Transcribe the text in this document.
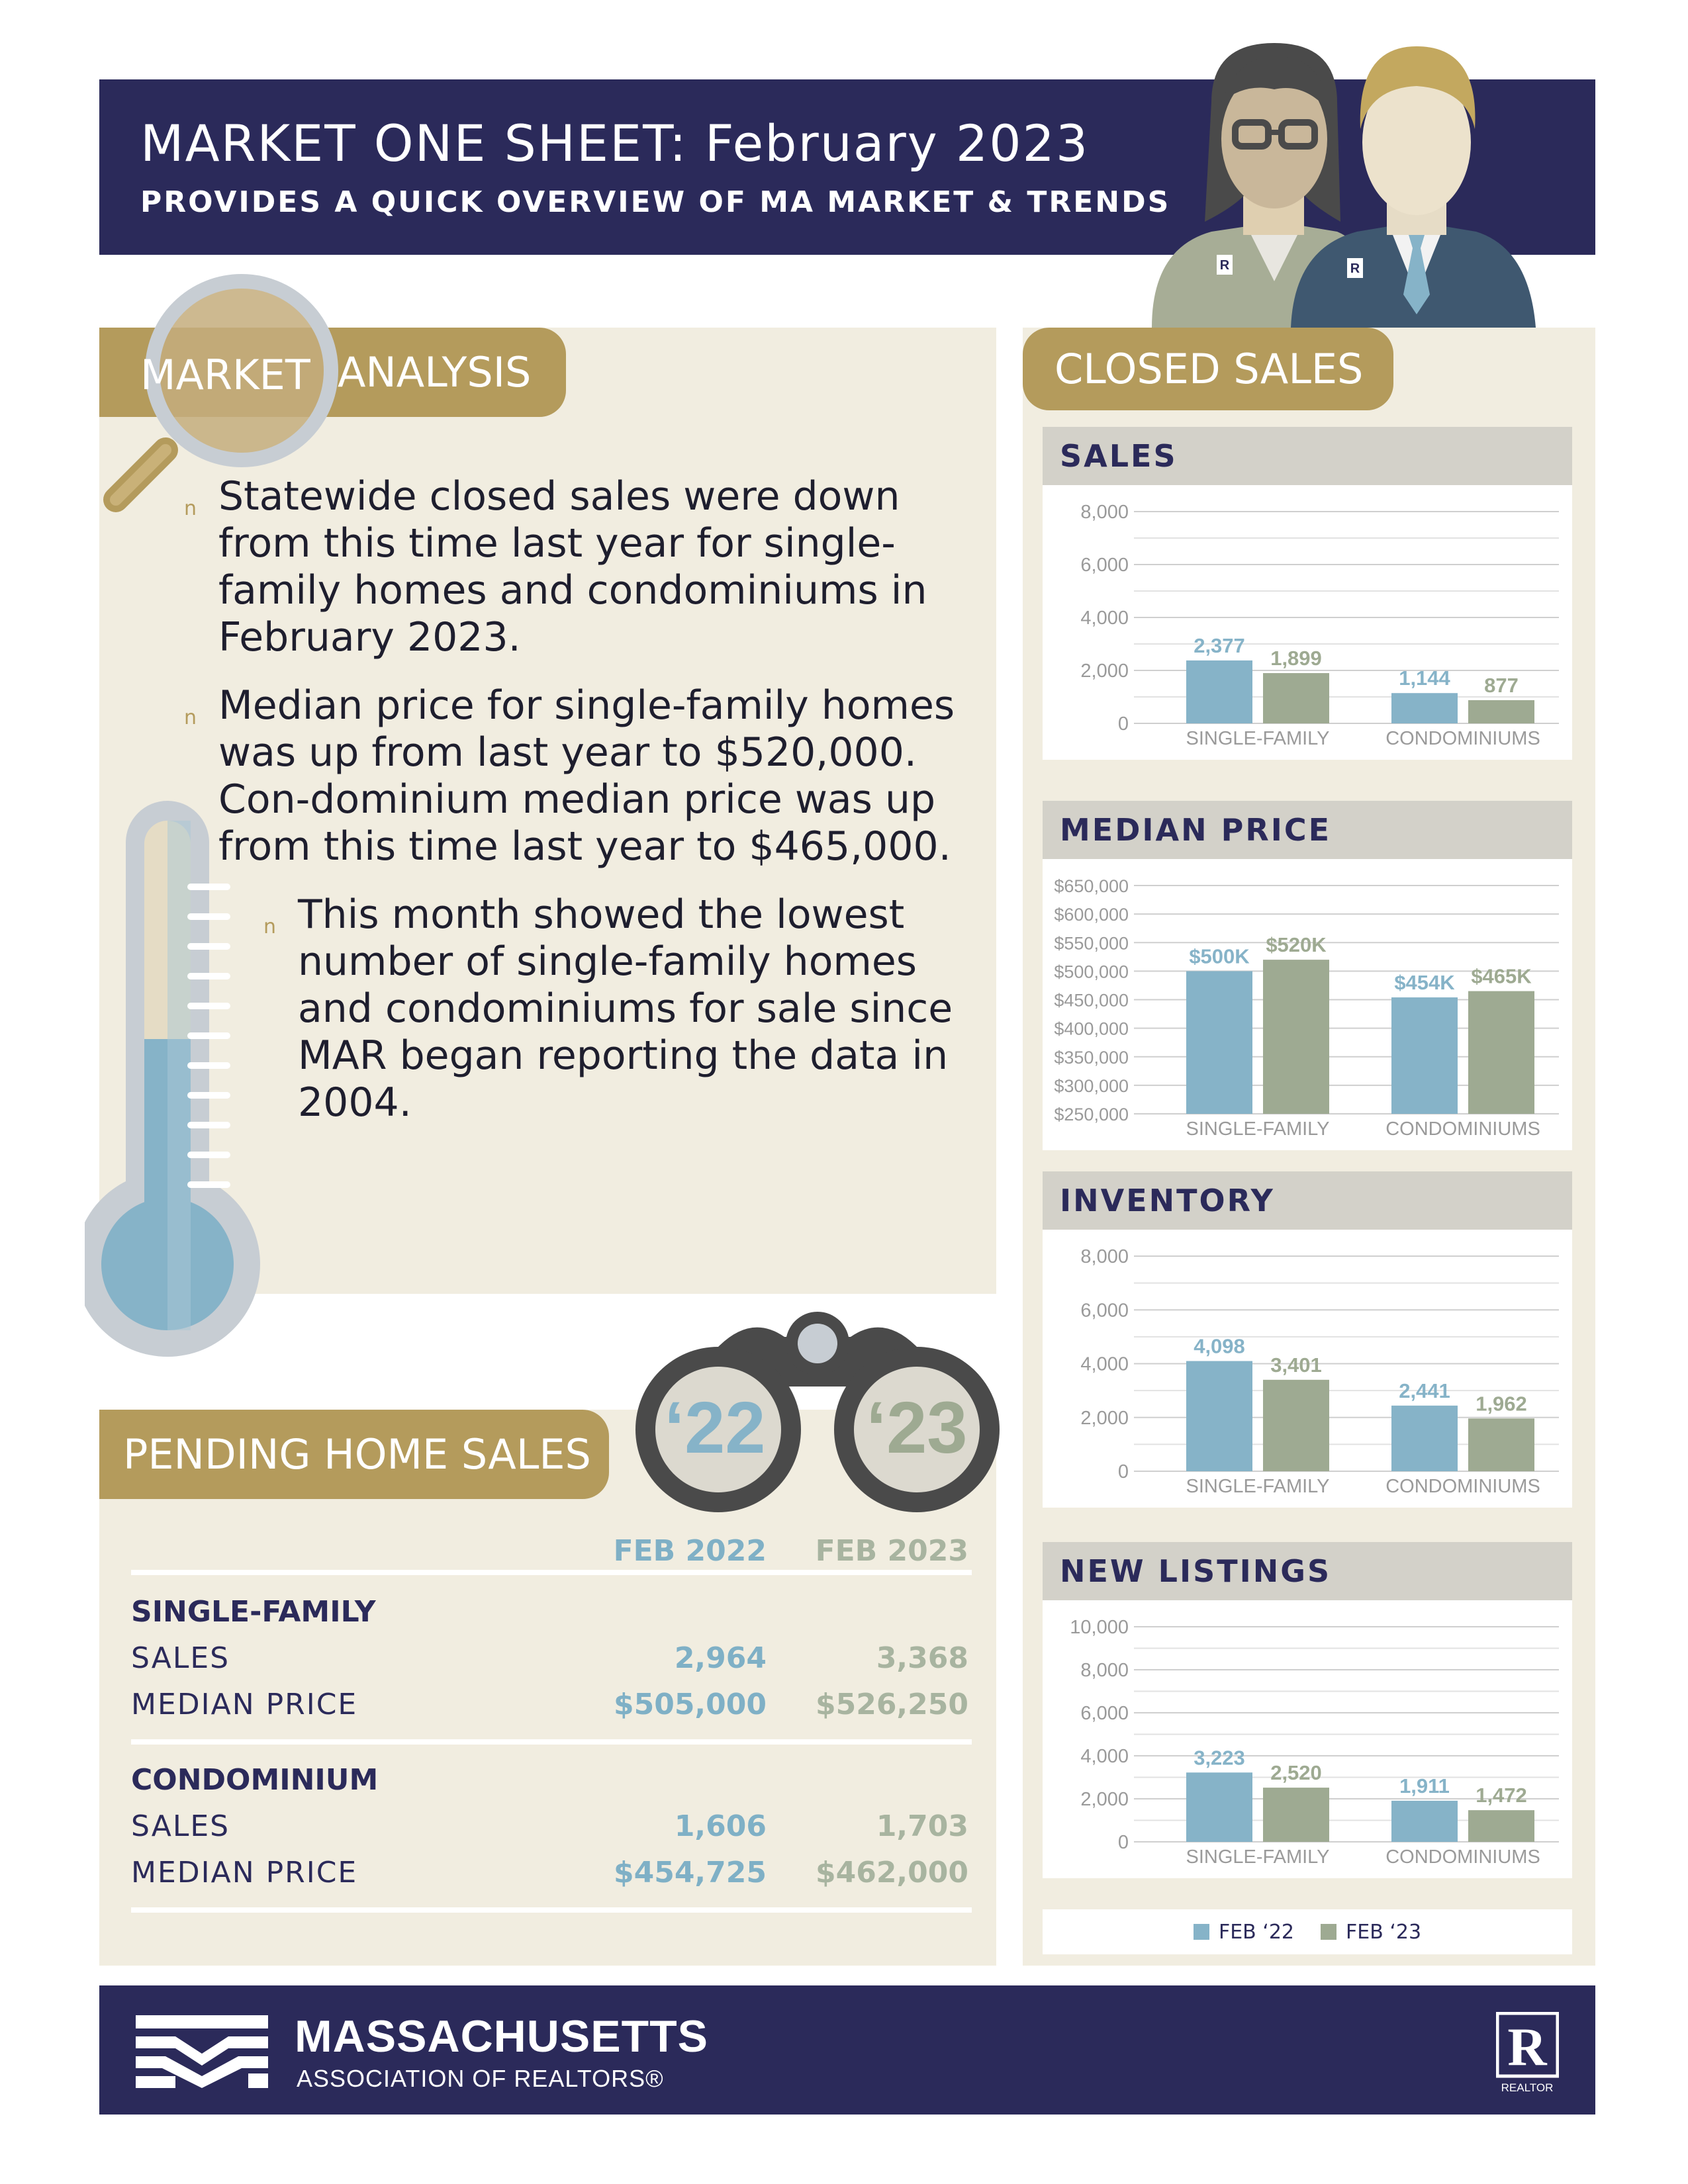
MARKET ONE SHEET: February 2023
PROVIDES A QUICK OVERVIEW OF MA MARKET & TRENDS
R	R
ANALYSIS
MARKET
n Statewide closed sales were down from this time last year for single-family homes and condominiums in February 2023.
n Median price for single-family homes was up from last year to $520,000. Con-dominium median price was up from this time last year to $465,000.
n This month showed the lowest number of single-family homes and condominiums for sale since MAR began reporting the data in 2004.
PENDING HOME SALES ‘22 ‘23
FEB 2022	FEB 2023
SINGLE-FAMILY
SALES	2,964	3,368
MEDIAN PRICE	$505,000	$526,250
CONDOMINIUM
SALES	1,606	1,703
MEDIAN PRICE	$454,725	$462,000
CLOSED SALES
SALES
0
2,000
4,000
6,000
8,000
2,377
1,899
SINGLE-FAMILY
1,144 877
CONDOMINIUMS
MEDIAN PRICE
$250,000
$300,000
$350,000
$400,000
$450,000
$500,000
$550,000
$600,000
$650,000
$500K $520K
SINGLE-FAMILY
$454K $465K
CONDOMINIUMS
INVENTORY
0
2,000
4,000
6,000
8,000
4,098
3,401
SINGLE-FAMILY
2,441
1,962
CONDOMINIUMS
NEW LISTINGS
0
2,000
4,000
6,000
8,000
10,000
3,223
2,520
SINGLE-FAMILY
1,911 1,472
CONDOMINIUMS
FEB ‘22	FEB ‘23
MASSACHUSETTS
ASSOCIATION OF REALTORS®
R
REALTOR
